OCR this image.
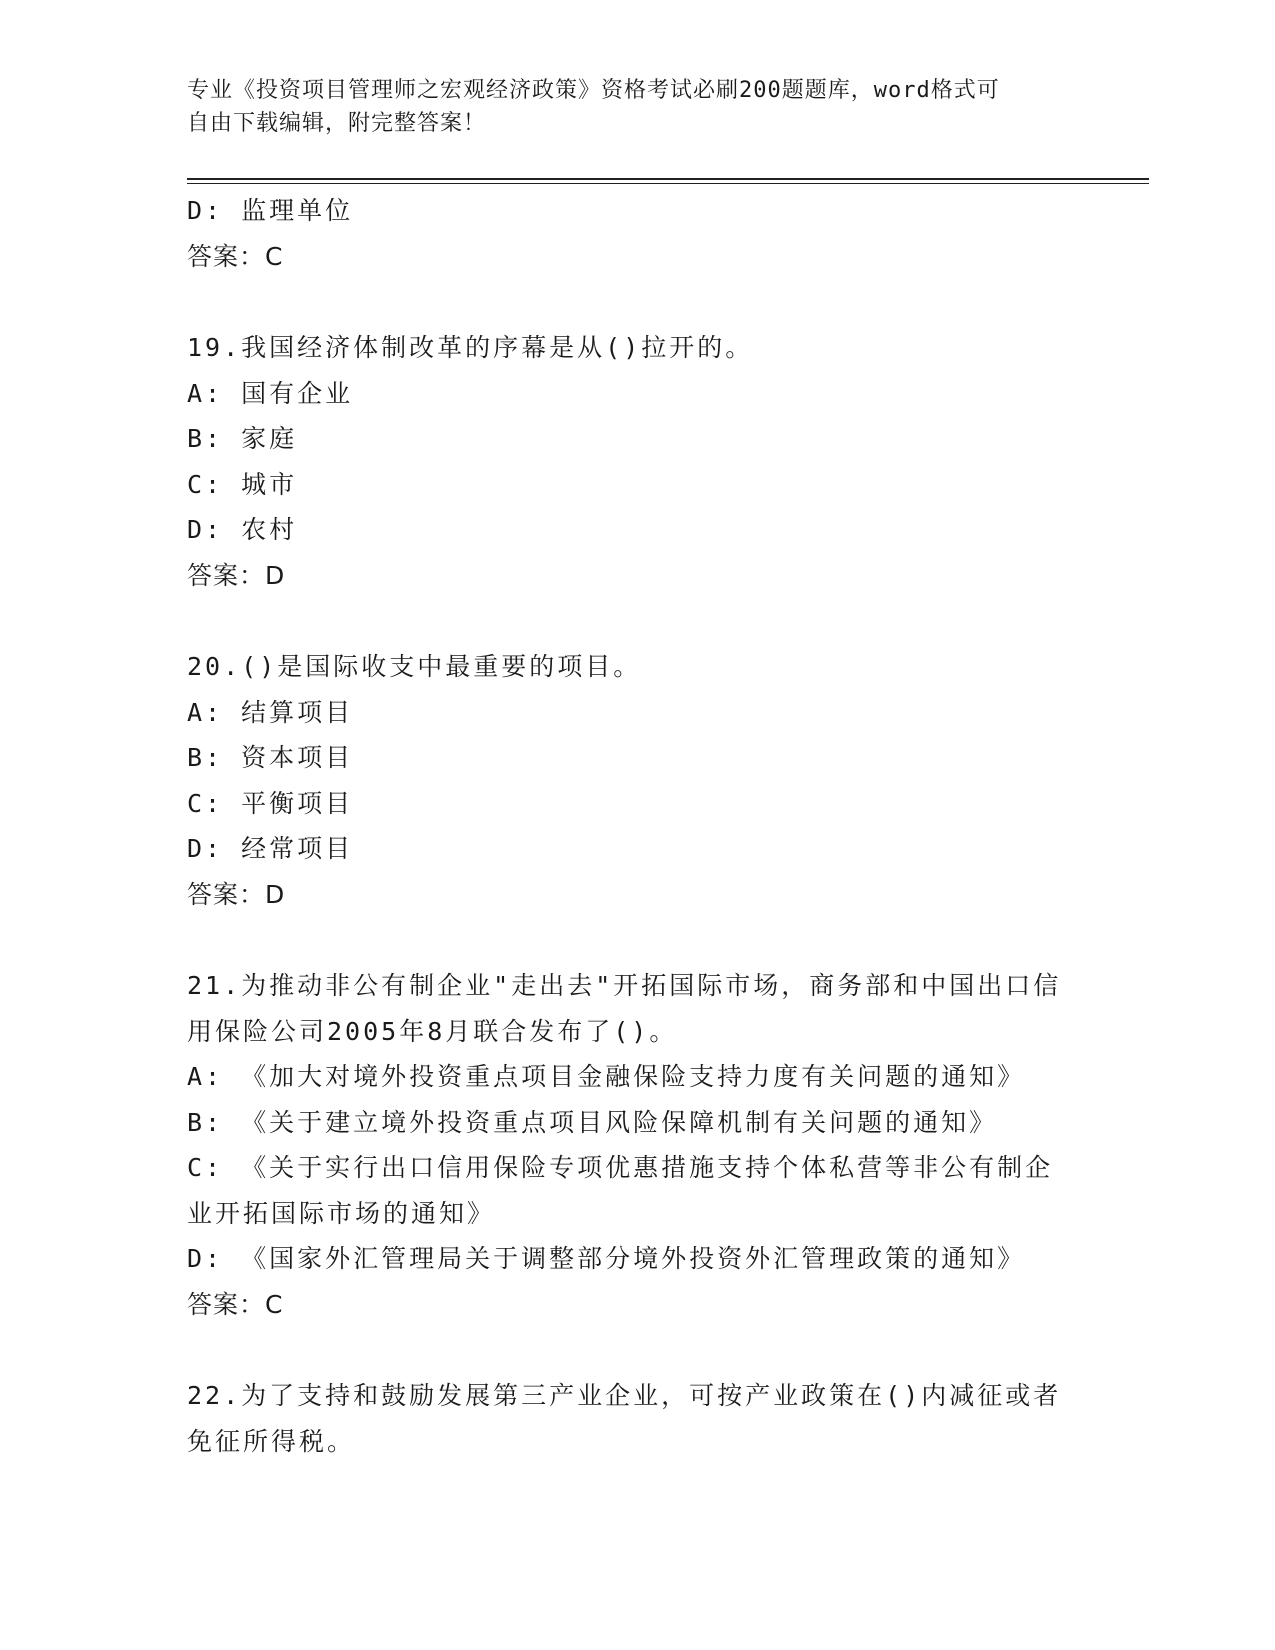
专业《投资项目管理师之宏观经济政策》资格考试必刷200题题库，word格式可
自由下载编辑，附完整答案！
D: 监理单位
答案：C
19.我国经济体制改革的序幕是从()拉开的。
A: 国有企业
B: 家庭
C: 城市
D: 农村
答案：D
20.()是国际收支中最重要的项目。
A: 结算项目
B: 资本项目
C: 平衡项目
D: 经常项目
答案：D
21.为推动非公有制企业"走出去"开拓国际市场，商务部和中国出口信
用保险公司2005年8月联合发布了()。
A: 《加大对境外投资重点项目金融保险支持力度有关问题的通知》
B: 《关于建立境外投资重点项目风险保障机制有关问题的通知》
C: 《关于实行出口信用保险专项优惠措施支持个体私营等非公有制企
业开拓国际市场的通知》
D: 《国家外汇管理局关于调整部分境外投资外汇管理政策的通知》
答案：C
22.为了支持和鼓励发展第三产业企业，可按产业政策在()内减征或者
免征所得税。
